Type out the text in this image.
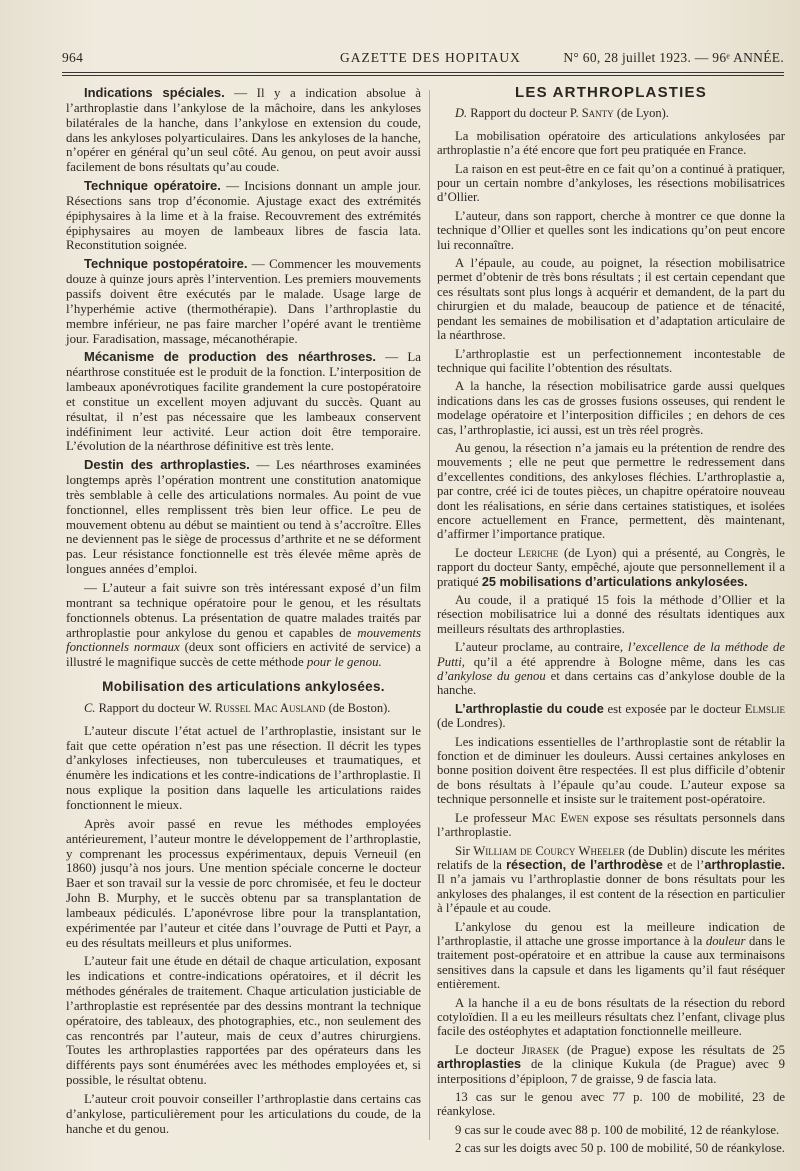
964	GAZETTE DES HOPITAUX	N° 60, 28 juillet 1923. — 96ᵉ ANNÉE.

Indications spéciales. — Il y a indication absolue à l’arthroplastie dans l’ankylose de la mâchoire, dans les ankyloses bilatérales de la hanche, dans l’ankylose en extension du coude, dans les ankyloses polyarticulaires. Dans les ankyloses de la hanche, n’opérer en général qu’un seul côté. Au genou, on peut avoir aussi facilement de bons résultats qu’au coude.

Technique opératoire. — Incisions donnant un ample jour. Résections sans trop d’économie. Ajustage exact des extrémités épiphysaires à la lime et à la fraise. Recouvrement des extrémités épiphysaires au moyen de lambeaux libres de fascia lata. Reconstitution soignée.

Technique postopératoire. — Commencer les mouvements douze à quinze jours après l’intervention. Les premiers mouvements passifs doivent être exécutés par le malade. Usage large de l’hyperhémie active (thermothérapie). Dans l’arthroplastie du membre inférieur, ne pas faire marcher l’opéré avant le trentième jour. Faradisation, massage, mécanothérapie.

Mécanisme de production des néarthroses. — La néarthrose constituée est le produit de la fonction. L’interposition de lambeaux aponévrotiques facilite grandement la cure postopératoire et constitue un excellent moyen adjuvant du succès. Quant au résultat, il n’est pas nécessaire que les lambeaux conservent indéfiniment leur activité. Leur action doit être temporaire. L’évolution de la néarthrose définitive est très lente.

Destin des arthroplasties. — Les néarthroses examinées longtemps après l’opération montrent une constitution anatomique très semblable à celle des articulations normales. Au point de vue fonctionnel, elles remplissent très bien leur office. Le peu de mouvement obtenu au début se maintient ou tend à s’accroître. Elles ne deviennent pas le siège de processus d’arthrite et ne se déforment pas. Leur résistance fonctionnelle est très élevée même après de longues années d’emploi.

— L’auteur a fait suivre son très intéressant exposé d’un film montrant sa technique opératoire pour le genou, et les résultats fonctionnels obtenus. La présentation de quatre malades traités par arthroplastie pour ankylose du genou et capables de mouvements fonctionnels normaux (deux sont officiers en activité de service) a illustré le magnifique succès de cette méthode pour le genou.

Mobilisation des articulations ankylosées.

C. Rapport du docteur W. Russel Mac Ausland (de Boston).

L’auteur discute l’état actuel de l’arthroplastie, insistant sur le fait que cette opération n’est pas une résection. Il décrit les types d’ankyloses infectieuses, non tuberculeuses et traumatiques, et énumère les indications et les contre-indications de l’arthroplastie. Il nous explique la position dans laquelle les articulations raides fonctionnent le mieux.

Après avoir passé en revue les méthodes employées antérieurement, l’auteur montre le développement de l’arthroplastie, y comprenant les processus expérimentaux, depuis Verneuil (en 1860) jusqu’à nos jours. Une mention spéciale concerne le docteur Baer et son travail sur la vessie de porc chromisée, et feu le docteur John B. Murphy, et le succès obtenu par sa transplantation de lambeaux pédiculés. L’aponévrose libre pour la transplantation, expérimentée par l’auteur et citée dans l’ouvrage de Putti et Payr, a eu des résultats meilleurs et plus uniformes.

L’auteur fait une étude en détail de chaque articulation, exposant les indications et contre-indications opératoires, et il décrit les méthodes générales de traitement. Chaque articulation justiciable de l’arthroplastie est représentée par des dessins montrant la technique opératoire, des tableaux, des photographies, etc., non seulement des cas rencontrés par l’auteur, mais de ceux d’autres chirurgiens. Toutes les arthroplasties rapportées par des opérateurs dans les différents pays sont énumérées avec les méthodes employées et, si possible, le résultat obtenu.

L’auteur croit pouvoir conseiller l’arthroplastie dans certains cas d’ankylose, particulièrement pour les articulations du coude, de la hanche et du genou.

LES ARTHROPLASTIES

D. Rapport du docteur P. Santy (de Lyon).

La mobilisation opératoire des articulations ankylosées par arthroplastie n’a été encore que fort peu pratiquée en France.

La raison en est peut-être en ce fait qu’on a continué à pratiquer, pour un certain nombre d’ankyloses, les résections mobilisatrices d’Ollier.

L’auteur, dans son rapport, cherche à montrer ce que donne la technique d’Ollier et quelles sont les indications qu’on peut encore lui reconnaître.

A l’épaule, au coude, au poignet, la résection mobilisatrice permet d’obtenir de très bons résultats ; il est certain cependant que ces résultats sont plus longs à acquérir et demandent, de la part du chirurgien et du malade, beaucoup de patience et de ténacité, pendant les semaines de mobilisation et d’adaptation articulaire de la néarthrose.

L’arthroplastie est un perfectionnement incontestable de technique qui facilite l’obtention des résultats.

A la hanche, la résection mobilisatrice garde aussi quelques indications dans les cas de grosses fusions osseuses, qui rendent le modelage opératoire et l’interposition difficiles ; en dehors de ces cas, l’arthroplastie, ici aussi, est un très réel progrès.

Au genou, la résection n’a jamais eu la prétention de rendre des mouvements ; elle ne peut que permettre le redressement dans d’excellentes conditions, des ankyloses fléchies. L’arthroplastie a, par contre, créé ici de toutes pièces, un chapitre opératoire nouveau dont les réalisations, en série dans certaines statistiques, et isolées encore actuellement en France, permettent, dès maintenant, d’affirmer l’importance pratique.

Le docteur Leriche (de Lyon) qui a présenté, au Congrès, le rapport du docteur Santy, empêché, ajoute que personnellement il a pratiqué 25 mobilisations d’articulations ankylosées.

Au coude, il a pratiqué 15 fois la méthode d’Ollier et la résection mobilisatrice lui a donné des résultats identiques aux meilleurs résultats des arthroplasties.

L’auteur proclame, au contraire, l’excellence de la méthode de Putti, qu’il a été apprendre à Bologne même, dans les cas d’ankylose du genou et dans certains cas d’ankylose double de la hanche.

L’arthroplastie du coude est exposée par le docteur Elmslie (de Londres).

Les indications essentielles de l’arthroplastie sont de rétablir la fonction et de diminuer les douleurs. Aussi certaines ankyloses en bonne position doivent être respectées. Il est plus difficile d’obtenir de bons résultats à l’épaule qu’au coude. L’auteur expose sa technique personnelle et insiste sur le traitement post-opératoire.

Le professeur Mac Ewen expose ses résultats personnels dans l’arthroplastie.

Sir William de Courcy Wheeler (de Dublin) discute les mérites relatifs de la résection, de l’arthrodèse et de l’arthroplastie. Il n’a jamais vu l’arthroplastie donner de bons résultats pour les ankyloses des phalanges, il est content de la résection en particulier à l’épaule et au coude.

L’ankylose du genou est la meilleure indication de l’arthroplastie, il attache une grosse importance à la douleur dans le traitement post-opératoire et en attribue la cause aux terminaisons sensitives dans la capsule et dans les ligaments qu’il faut réséquer entièrement.

A la hanche il a eu de bons résultats de la résection du rebord cotyloïdien. Il a eu les meilleurs résultats chez l’enfant, clivage plus facile des ostéophytes et adaptation fonctionnelle meilleure.

Le docteur Jirasek (de Prague) expose les résultats de 25 arthroplasties de la clinique Kukula (de Prague) avec 9 interpositions d’épiploon, 7 de graisse, 9 de fascia lata.

13 cas sur le genou avec 77 p. 100 de mobilité, 23 de réankylose.

9 cas sur le coude avec 88 p. 100 de mobilité, 12 de réankylose.

2 cas sur les doigts avec 50 p. 100 de mobilité, 50 de réankylose.
